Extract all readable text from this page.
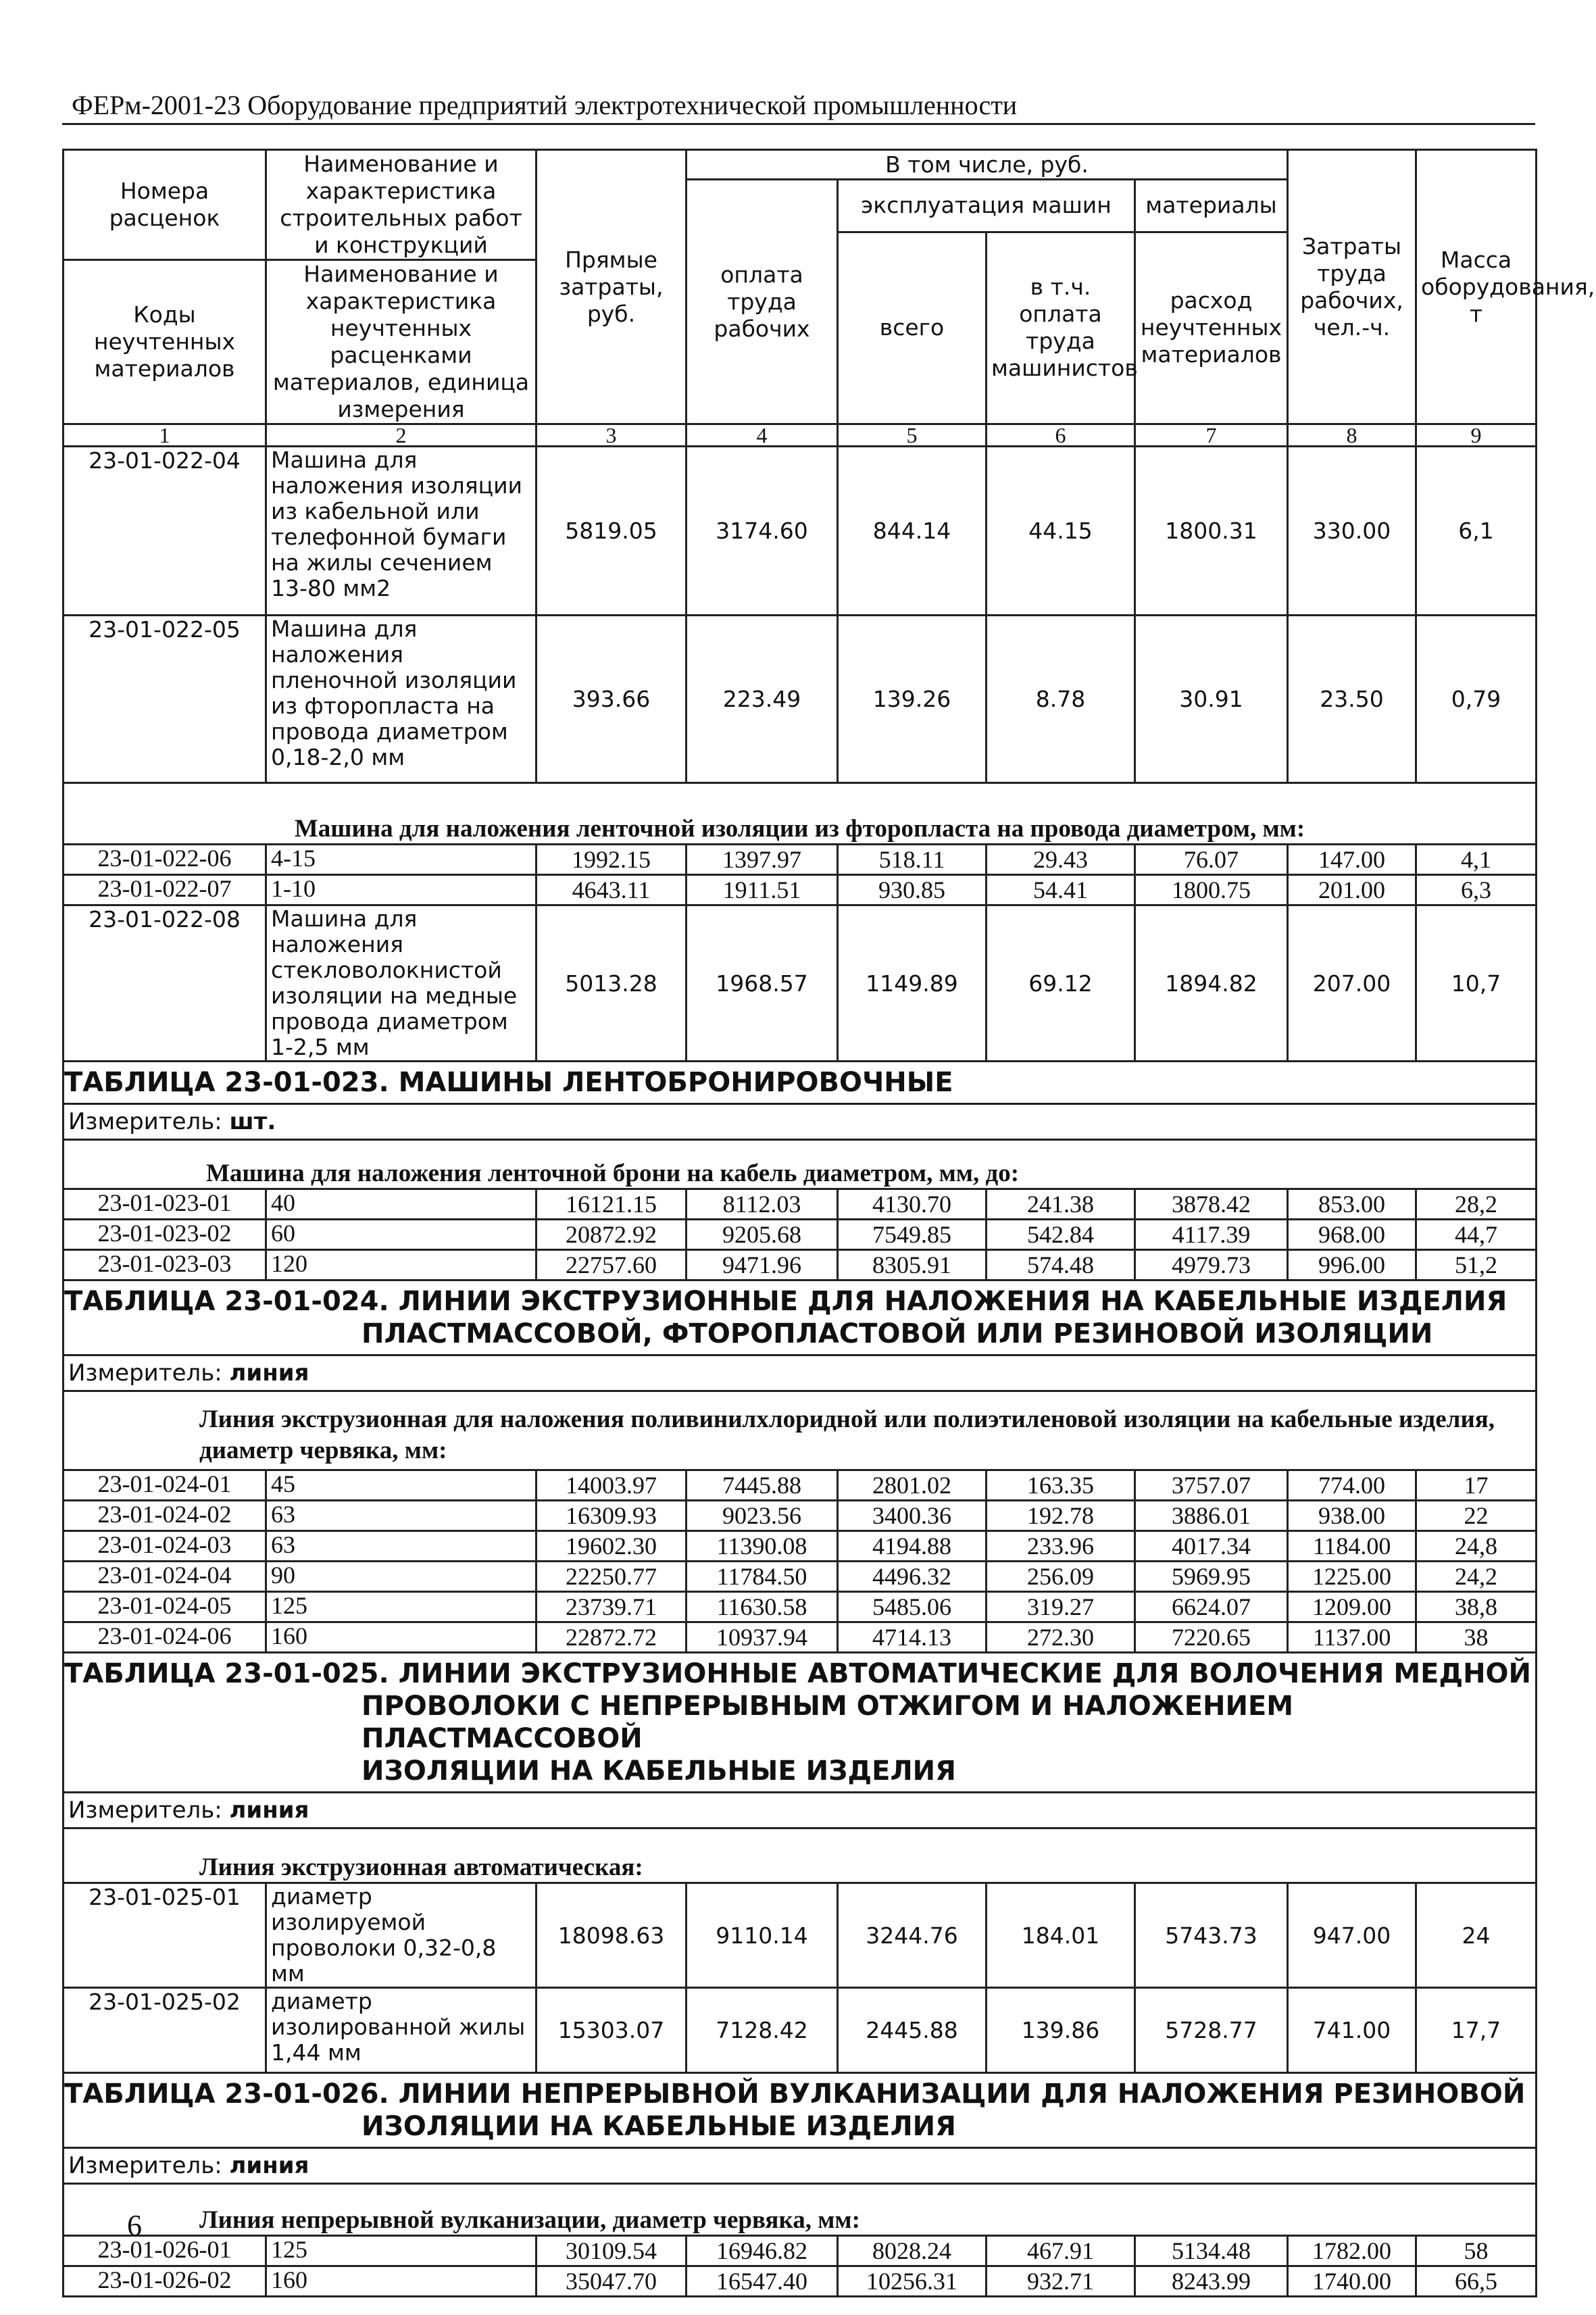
ФЕРм-2001-23 Оборудование предприятий электротехнической промышленности
Номера расценок	Наименование и характеристика строительных работ и конструкций	Прямые затраты, руб.	В том числе, руб.				Затраты труда рабочих, чел.-ч.	Масса оборудования, т
			оплата труда рабочих	эксплуатация машин		материалы		
				всего	в т.ч. оплата труда машинистов	расход неучтенных материалов		
Коды неучтенных материалов	Наименование и характеристика неучтенных расценками материалов, единица измерения							

1	2	3	4	5	6	7	8	9
23-01-022-04	Машина для наложения изоляции из кабельной или телефонной бумаги на жилы сечением 13-80 мм2	5819.05	3174.60	844.14	44.15	1800.31	330.00	6,1
23-01-022-05	Машина для наложения пленочной изоляции из фторопласта на провода диаметром 0,18-2,0 мм	393.66	223.49	139.26	8.78	30.91	23.50	0,79
Машина для наложения ленточной изоляции из фторопласта на провода диаметром, мм:								
23-01-022-06	4-15	1992.15	1397.97	518.11	29.43	76.07	147.00	4,1
23-01-022-07	1-10	4643.11	1911.51	930.85	54.41	1800.75	201.00	6,3
23-01-022-08	Машина для наложения стекловолокнистой изоляции на медные провода диаметром 1-2,5 мм	5013.28	1968.57	1149.89	69.12	1894.82	207.00	10,7
ТАБЛИЦА 23-01-023. МАШИНЫ ЛЕНТОБРОНИРОВОЧНЫЕ								
Измеритель: шт.								
Машина для наложения ленточной брони на кабель диаметром, мм, до:								
23-01-023-01	40	16121.15	8112.03	4130.70	241.38	3878.42	853.00	28,2
23-01-023-02	60	20872.92	9205.68	7549.85	542.84	4117.39	968.00	44,7
23-01-023-03	120	22757.60	9471.96	8305.91	574.48	4979.73	996.00	51,2
ТАБЛИЦА 23-01-024. ЛИНИИ ЭКСТРУЗИОННЫЕ ДЛЯ НАЛОЖЕНИЯ НА КАБЕЛЬНЫЕ ИЗДЕЛИЯ
ПЛАСТМАССОВОЙ, ФТОРОПЛАСТОВОЙ ИЛИ РЕЗИНОВОЙ ИЗОЛЯЦИИ								

Измеритель: линия								
Линия экструзионная для наложения поливинилхлоридной или полиэтиленовой изоляции на кабельные изделия, диаметр червяка, мм:								
23-01-024-01	45	14003.97	7445.88	2801.02	163.35	3757.07	774.00	17
23-01-024-02	63	16309.93	9023.56	3400.36	192.78	3886.01	938.00	22
23-01-024-03	63	19602.30	11390.08	4194.88	233.96	4017.34	1184.00	24,8
23-01-024-04	90	22250.77	11784.50	4496.32	256.09	5969.95	1225.00	24,2
23-01-024-05	125	23739.71	11630.58	5485.06	319.27	6624.07	1209.00	38,8
23-01-024-06	160	22872.72	10937.94	4714.13	272.30	7220.65	1137.00	38
ТАБЛИЦА 23-01-025. ЛИНИИ ЭКСТРУЗИОННЫЕ АВТОМАТИЧЕСКИЕ ДЛЯ ВОЛОЧЕНИЯ МЕДНОЙ
ПРОВОЛОКИ С НЕПРЕРЫВНЫМ ОТЖИГОМ И НАЛОЖЕНИЕМ ПЛАСТМАССОВОЙ
ИЗОЛЯЦИИ НА КАБЕЛЬНЫЕ ИЗДЕЛИЯ								

Измеритель: линия								
Линия экструзионная автоматическая:								
23-01-025-01	диаметр изолируемой проволоки 0,32-0,8 мм	18098.63	9110.14	3244.76	184.01	5743.73	947.00	24
23-01-025-02	диаметр изолированной жилы 1,44 мм	15303.07	7128.42	2445.88	139.86	5728.77	741.00	17,7
ТАБЛИЦА 23-01-026. ЛИНИИ НЕПРЕРЫВНОЙ ВУЛКАНИЗАЦИИ ДЛЯ НАЛОЖЕНИЯ РЕЗИНОВОЙ
ИЗОЛЯЦИИ НА КАБЕЛЬНЫЕ ИЗДЕЛИЯ								

Измеритель: линия								
Линия непрерывной вулканизации, диаметр червяка, мм:								
23-01-026-01	125	30109.54	16946.82	8028.24	467.91	5134.48	1782.00	58
23-01-026-02	160	35047.70	16547.40	10256.31	932.71	8243.99	1740.00	66,5
6
